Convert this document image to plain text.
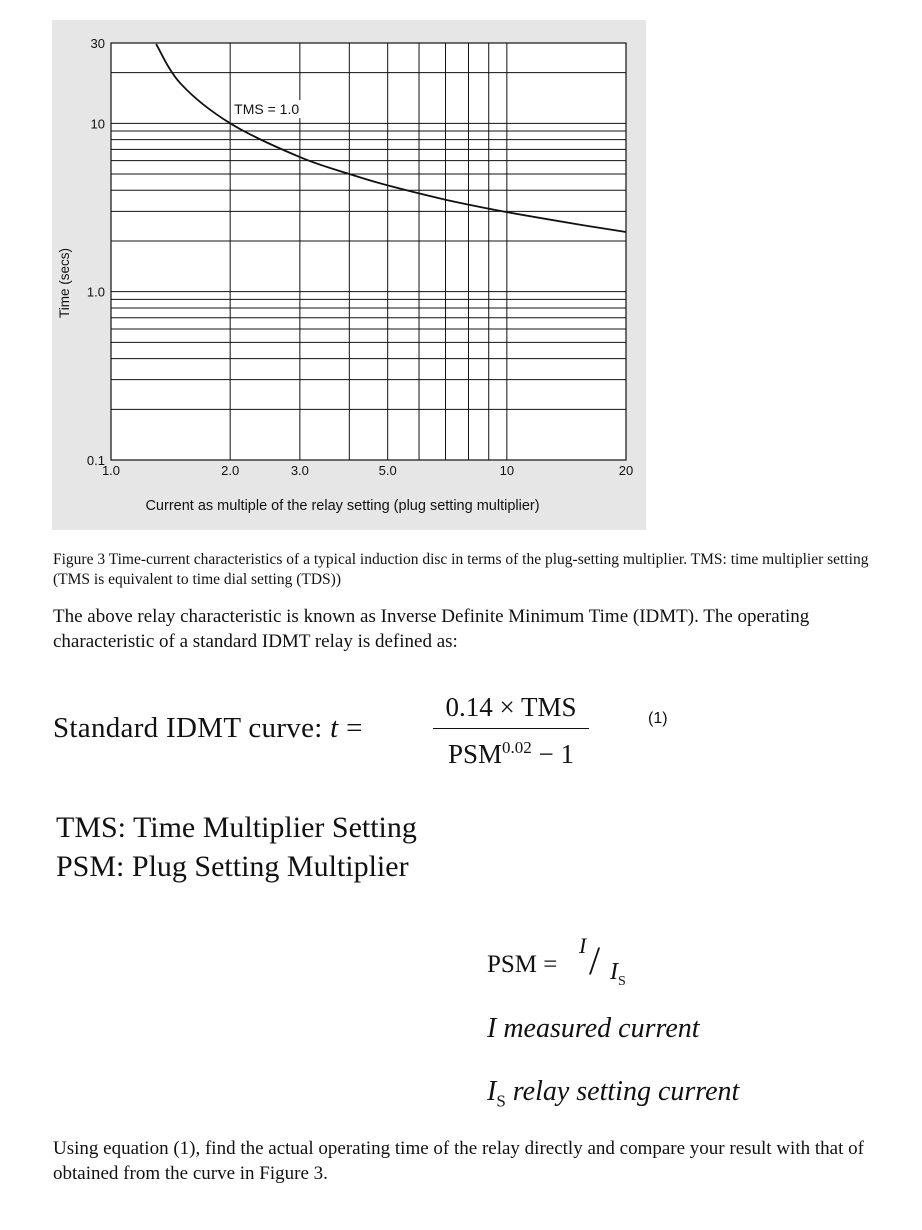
1.0	2.0	3.0	5.0	10	20
0.1
1.0
10
30
Current as multiple of the relay setting (plug setting multiplier)
Time (secs)
TMS = 1.0
Figure 3 Time-current characteristics of a typical induction disc in terms of the plug-setting multiplier. TMS: time multiplier setting (TMS is equivalent to time dial setting (TDS))
The above relay characteristic is known as Inverse Definite Minimum Time (IDMT). The operating characteristic of a standard IDMT relay is defined as:
Standard IDMT curve: t =
0.14 × TMS
$PSM^{0.02} - 1$
(1)
TMS: Time Multiplier Setting
PSM: Plug Setting Multiplier
PSM =
I / $I_S$
I measured current
$I_S$ relay setting current
Using equation (1), find the actual operating time of the relay directly and compare your result with that of obtained from the curve in Figure 3.
